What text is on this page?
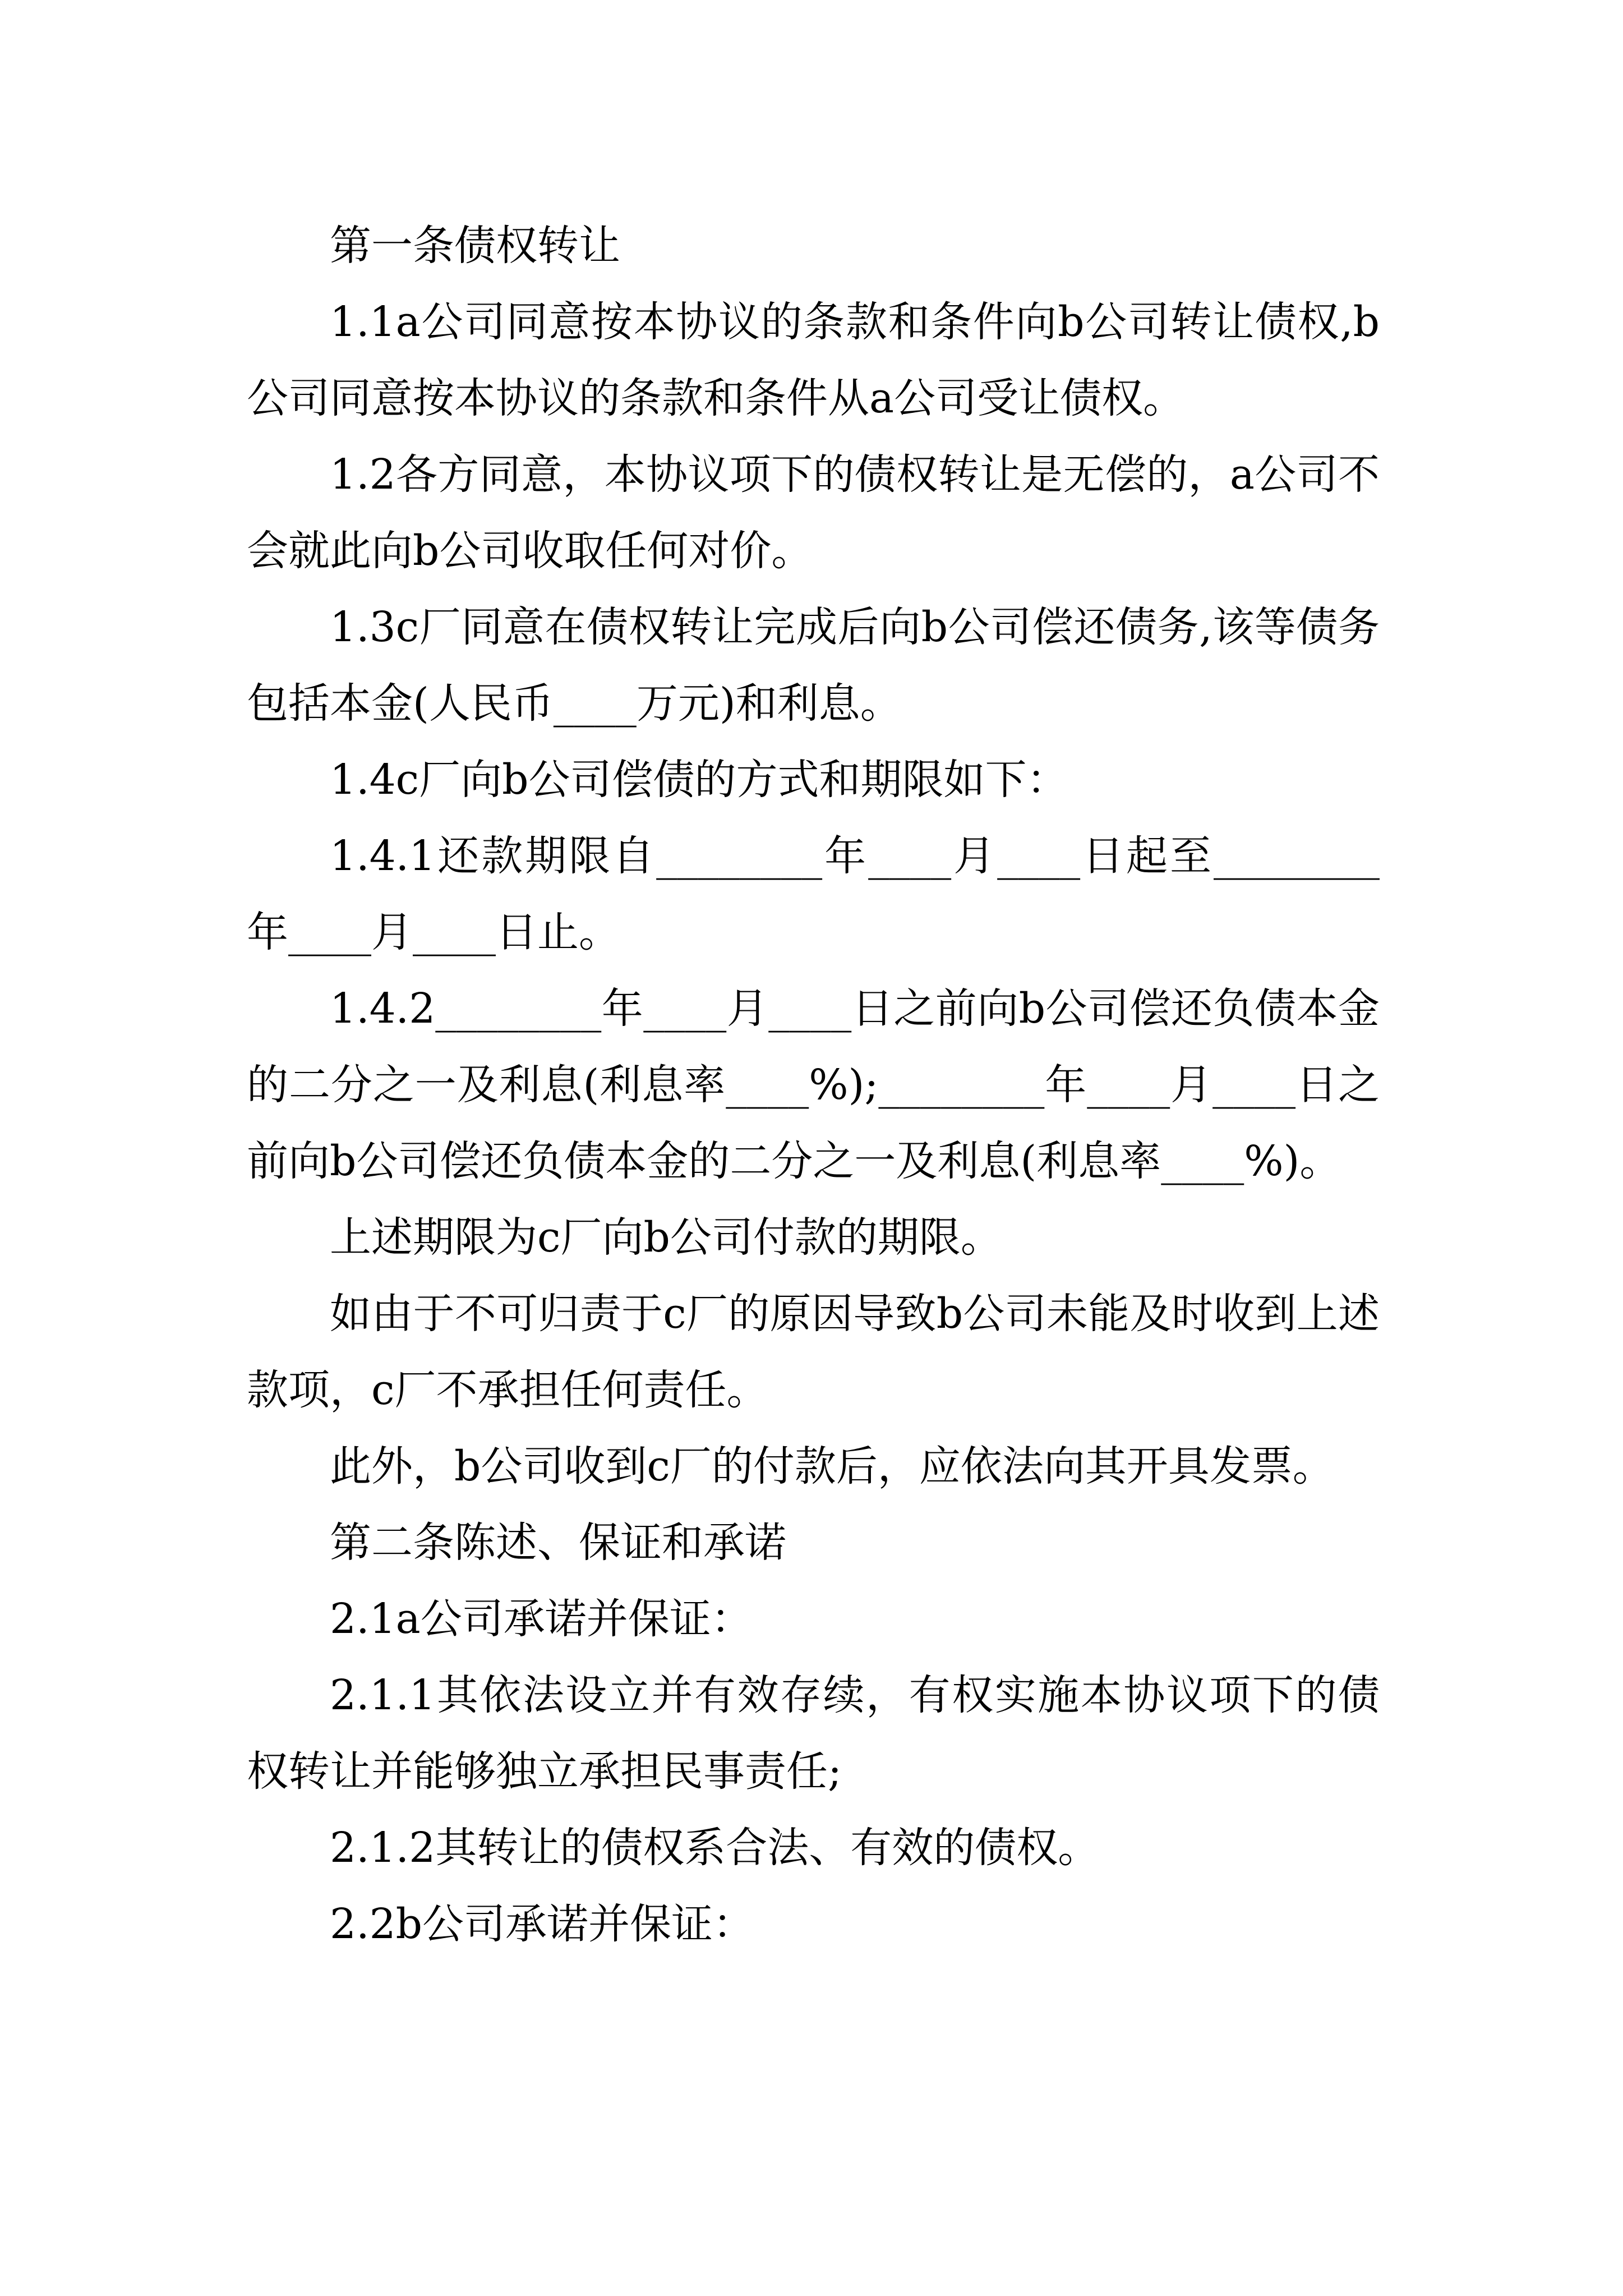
第一条债权转让

1.1a公司同意按本协议的条款和条件向b公司转让债权,b公司同意按本协议的条款和条件从a公司受让债权。

1.2各方同意，本协议项下的债权转让是无偿的，a公司不会就此向b公司收取任何对价。

1.3c厂同意在债权转让完成后向b公司偿还债务,该等债务包括本金(人民币____万元)和利息。

1.4c厂向b公司偿债的方式和期限如下：

1.4.1还款期限自________年____月____日起至________年____月____日止。

1.4.2________年____月____日之前向b公司偿还负债本金的二分之一及利息(利息率____%);________年____月____日之前向b公司偿还负债本金的二分之一及利息(利息率____%)。

上述期限为c厂向b公司付款的期限。

如由于不可归责于c厂的原因导致b公司未能及时收到上述款项，c厂不承担任何责任。

此外，b公司收到c厂的付款后，应依法向其开具发票。

第二条陈述、保证和承诺

2.1a公司承诺并保证：

2.1.1其依法设立并有效存续，有权实施本协议项下的债权转让并能够独立承担民事责任;

2.1.2其转让的债权系合法、有效的债权。

2.2b公司承诺并保证：
